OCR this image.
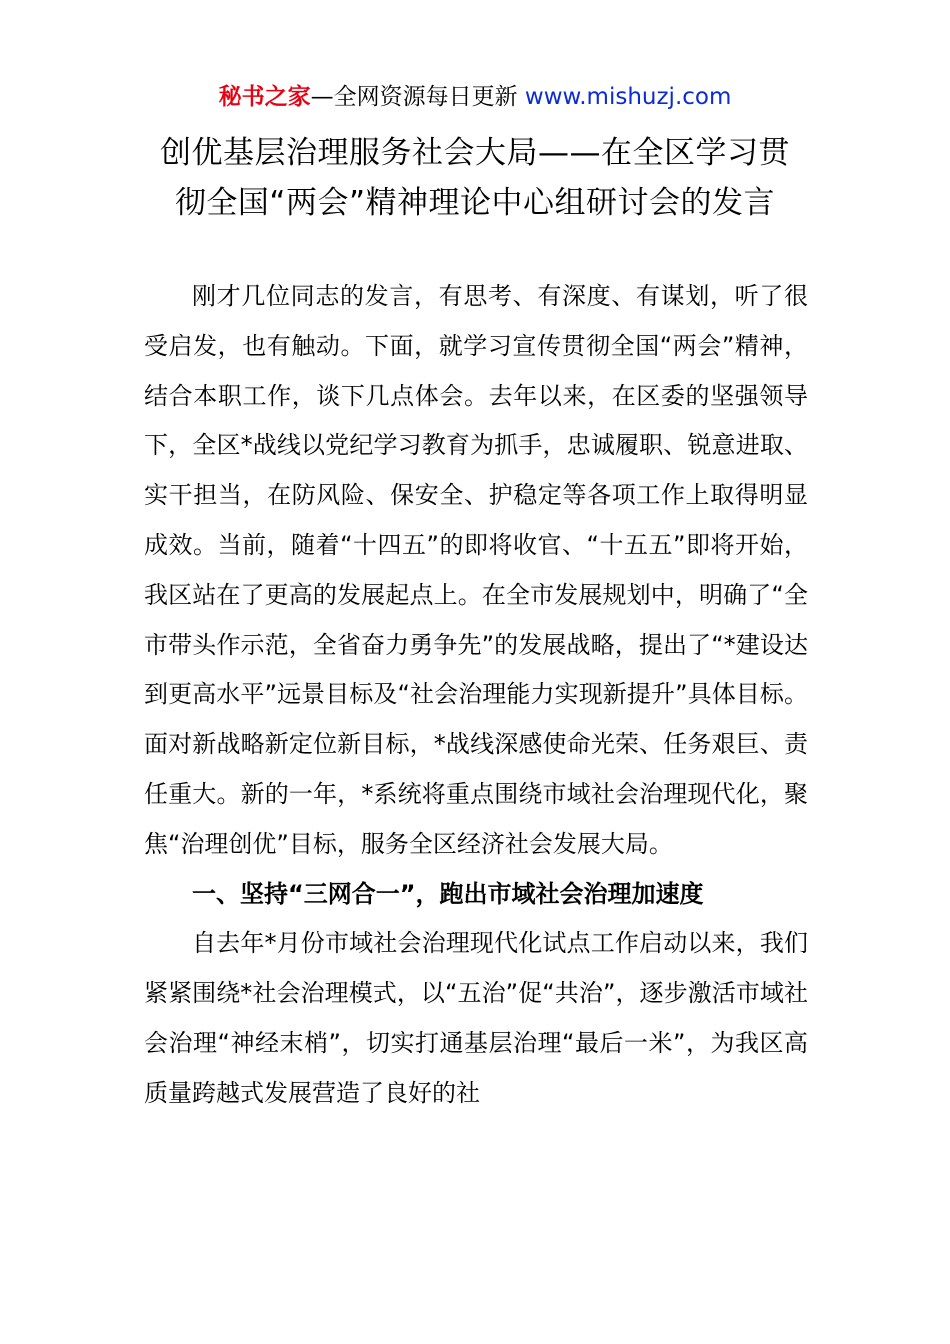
秘书之家—全网资源每日更新 www.mishuzj.com
创优基层治理服务社会大局——在全区学习贯
彻全国“两会”精神理论中心组研讨会的发言

刚才几位同志的发言，有思考、有深度、有谋划，听了很受启发，也有触动。下面，就学习宣传贯彻全国“两会”精神，结合本职工作，谈下几点体会。去年以来，在区委的坚强领导下，全区*战线以党纪学习教育为抓手，忠诚履职、锐意进取、实干担当，在防风险、保安全、护稳定等各项工作上取得明显成效。当前，随着“十四五”的即将收官、“十五五”即将开始，我区站在了更高的发展起点上。在全市发展规划中，明确了“全市带头作示范，全省奋力勇争先”的发展战略，提出了“*建设达到更高水平”远景目标及“社会治理能力实现新提升”具体目标。面对新战略新定位新目标，*战线深感使命光荣、任务艰巨、责任重大。新的一年，*系统将重点围绕市域社会治理现代化，聚焦“治理创优”目标，服务全区经济社会发展大局。

一、坚持“三网合一”，跑出市域社会治理加速度

自去年*月份市域社会治理现代化试点工作启动以来，我们紧紧围绕*社会治理模式，以“五治”促“共治”，逐步激活市域社会治理“神经末梢”，切实打通基层治理“最后一米”，为我区高质量跨越式发展营造了良好的社
